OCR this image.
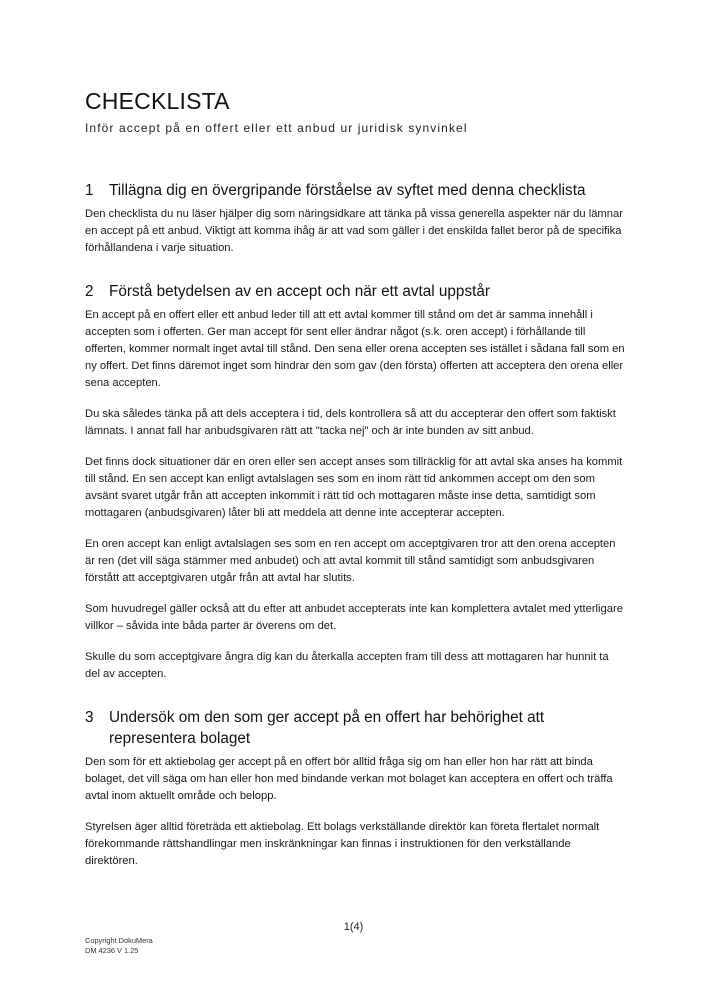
CHECKLISTA
Inför accept på en offert eller ett anbud ur juridisk synvinkel
1	Tillägna dig en övergripande förståelse av syftet med denna checklista

Den checklista du nu läser hjälper dig som näringsidkare att tänka på vissa generella aspekter när du lämnar en accept på ett anbud. Viktigt att komma ihåg är att vad som gäller i det enskilda fallet beror på de specifika förhållandena i varje situation.

2	Förstå betydelsen av en accept och när ett avtal uppstår

En accept på en offert eller ett anbud leder till att ett avtal kommer till stånd om det är samma innehåll i accepten som i offerten. Ger man accept för sent eller ändrar något (s.k. oren accept) i förhållande till offerten, kommer normalt inget avtal till stånd. Den sena eller orena accepten ses istället i sådana fall som en ny offert. Det finns däremot inget som hindrar den som gav (den första) offerten att acceptera den orena eller sena accepten.

Du ska således tänka på att dels acceptera i tid, dels kontrollera så att du accepterar den offert som faktiskt lämnats. I annat fall har anbudsgivaren rätt att "tacka nej" och är inte bunden av sitt anbud.

Det finns dock situationer där en oren eller sen accept anses som tillräcklig för att avtal ska anses ha kommit till stånd. En sen accept kan enligt avtalslagen ses som en inom rätt tid ankommen accept om den som avsänt svaret utgår från att accepten inkommit i rätt tid och mottagaren måste inse detta, samtidigt som mottagaren (anbudsgivaren) låter bli att meddela att denne inte accepterar accepten.

En oren accept kan enligt avtalslagen ses som en ren accept om acceptgivaren tror att den orena accepten är ren (det vill säga stämmer med anbudet) och att avtal kommit till stånd samtidigt som anbudsgivaren förstått att acceptgivaren utgår från att avtal har slutits.

Som huvudregel gäller också att du efter att anbudet accepterats inte kan komplettera avtalet med ytterligare villkor – såvida inte båda parter är överens om det.

Skulle du som acceptgivare ångra dig kan du återkalla accepten fram till dess att mottagaren har hunnit ta del av accepten.

3	Undersök om den som ger accept på en offert har behörighet att representera bolaget

Den som för ett aktiebolag ger accept på en offert bör alltid fråga sig om han eller hon har rätt att binda bolaget, det vill säga om han eller hon med bindande verkan mot bolaget kan acceptera en offert och träffa avtal inom aktuellt område och belopp.

Styrelsen äger alltid företräda ett aktiebolag. Ett bolags verkställande direktör kan företa flertalet normalt förekommande rättshandlingar men inskränkningar kan finnas i instruktionen för den verkställande direktören.

1(4)
Copyright DokuMera
DM 4236 V 1.25
